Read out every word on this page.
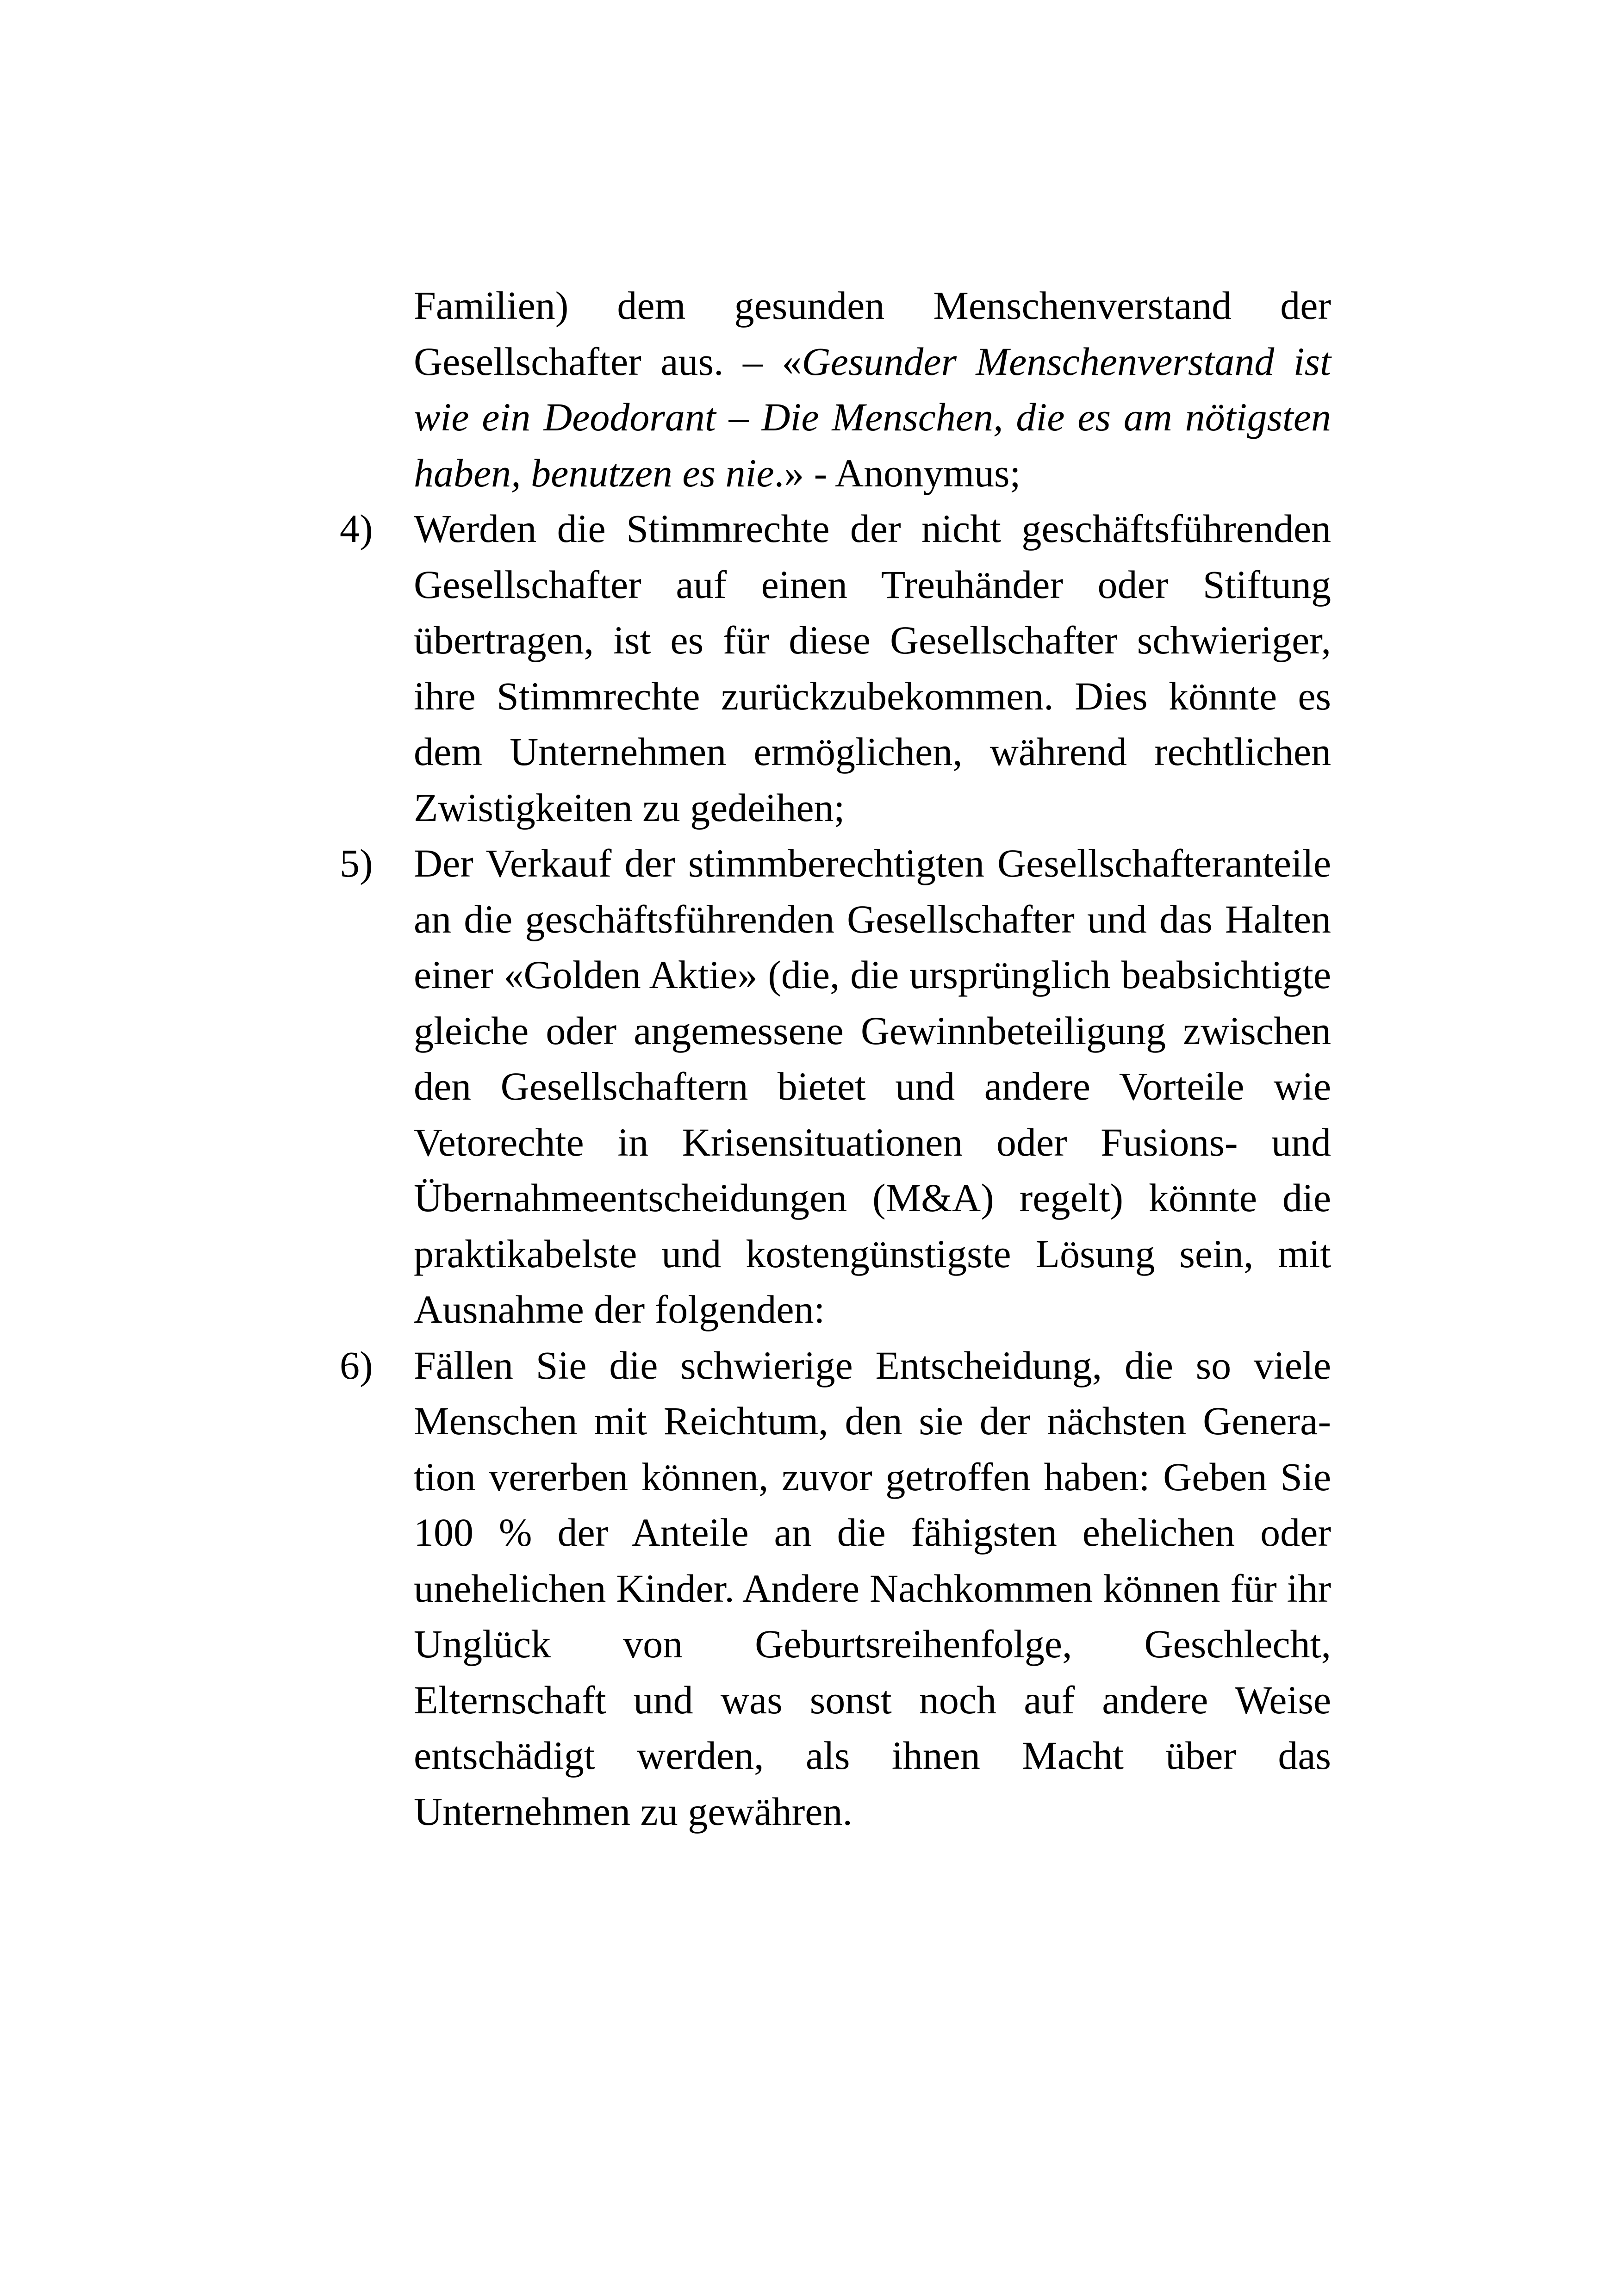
Familien) dem gesunden Menschenverstand der Gesellschafter aus. – «Gesunder Menschenverstand ist wie ein Deodorant – Die Menschen, die es am nötigsten haben, benutzen es nie.» - Anonymus;

4) Werden die Stimmrechte der nicht geschäftsführenden Gesellschafter auf einen Treuhänder oder Stiftung übertragen, ist es für diese Gesellschafter schwieriger, ihre Stimmrechte zurückzubekommen. Dies könnte es dem Unternehmen ermöglichen, während rechtlichen Zwistigkeiten zu gedeihen;
5) Der Verkauf der stimmberechtigten Gesellschafteranteile an die geschäftsführenden Gesellschafter und das Halten einer «Golden Aktie» (die, die ursprünglich beabsichtigte gleiche oder angemessene Gewinnbeteiligung zwischen den Gesellschaftern bietet und andere Vorteile wie Vetorechte in Krisensituationen oder Fusions- und Übernahmeentscheidungen (M&A) regelt) könnte die praktikabelste und kostengünstigste Lösung sein, mit Ausnahme der folgenden:
6) Fällen Sie die schwierige Entscheidung, die so viele Menschen mit Reichtum, den sie der nächsten Generation vererben können, zuvor getroffen haben: Geben Sie 100 % der Anteile an die fähigsten ehelichen oder unehelichen Kinder. Andere Nachkommen können für ihr Unglück von Geburtsreihenfolge, Geschlecht, Elternschaft und was sonst noch auf andere Weise entschädigt werden, als ihnen Macht über das Unternehmen zu gewähren.
